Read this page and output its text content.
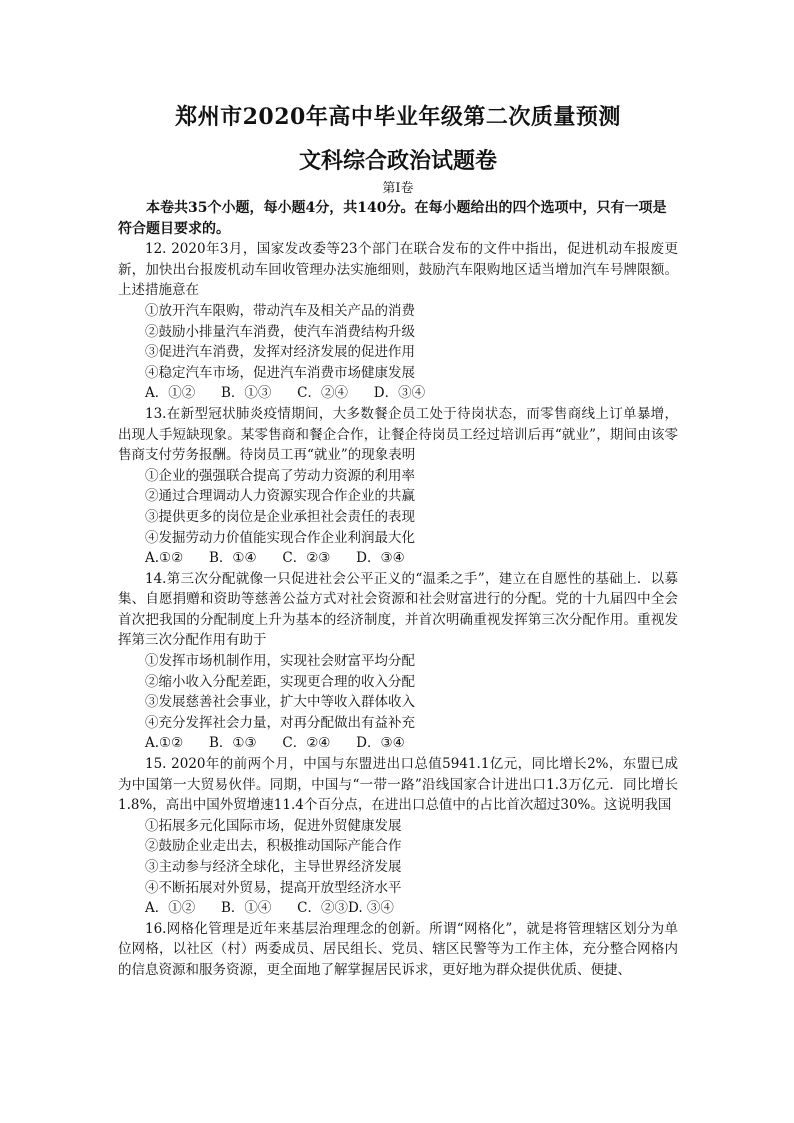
郑州市2020年高中毕业年级第二次质量预测
文科综合政治试题卷

第Ⅰ卷

本卷共35个小题，每小题4分，共140分。在每小题给出的四个选项中，只有一项是符合题目要求的。

12. 2020年3月，国家发改委等23个部门在联合发布的文件中指出，促进机动车报废更新，加快出台报废机动车回收管理办法实施细则，鼓励汽车限购地区适当增加汽车号牌限额。上述措施意在

①放开汽车限购，带动汽车及相关产品的消费

②鼓励小排量汽车消费，使汽车消费结构升级

③促进汽车消费，发挥对经济发展的促进作用

④稳定汽车市场，促进汽车消费市场健康发展

A．①②      B．①③      C．②④      D．③④

13.在新型冠状肺炎疫情期间，大多数餐企员工处于待岗状态，而零售商线上订单暴增，出现人手短缺现象。某零售商和餐企合作，让餐企待岗员工经过培训后再“就业”，期间由该零售商支付劳务报酬。待岗员工再“就业”的现象表明

①企业的强强联合提高了劳动力资源的利用率

②通过合理调动人力资源实现合作企业的共赢

③提供更多的岗位是企业承担社会责任的表现

④发掘劳动力价值能实现合作企业利润最大化

A.①②      B．①④      C．②③      D．③④

14.第三次分配就像一只促进社会公平正义的“温柔之手”，建立在自愿性的基础上．以募集、自愿捐赠和资助等慈善公益方式对社会资源和社会财富进行的分配。党的十九届四中全会首次把我国的分配制度上升为基本的经济制度，并首次明确重视发挥第三次分配作用。重视发挥第三次分配作用有助于

①发挥市场机制作用，实现社会财富平均分配

②缩小收入分配差距，实现更合理的收入分配

③发展慈善社会事业，扩大中等收入群体收入

④充分发挥社会力量，对再分配做出有益补充

A.①②      B．①③      C．②④      D．③④

15. 2020年的前两个月，中国与东盟进出口总值5941.1亿元，同比增长2%，东盟已成为中国第一大贸易伙伴。同期，中国与“一带一路”沿线国家合计进出口1.3万亿元．同比增长1.8%，高出中国外贸增速11.4个百分点，在进出口总值中的占比首次超过30%。这说明我国

①拓展多元化国际市场，促进外贸健康发展

②鼓励企业走出去，积极推动国际产能合作

③主动参与经济全球化，主导世界经济发展

④不断拓展对外贸易，提高开放型经济水平

A．①②      B．①④      C．②③D. ③④

16.网格化管理是近年来基层治理理念的创新。所谓“网格化”，就是将管理辖区划分为单位网格，以社区（村）两委成员、居民组长、党员、辖区民警等为工作主体，充分整合网格内的信息资源和服务资源，更全面地了解掌握居民诉求，更好地为群众提供优质、便捷、
